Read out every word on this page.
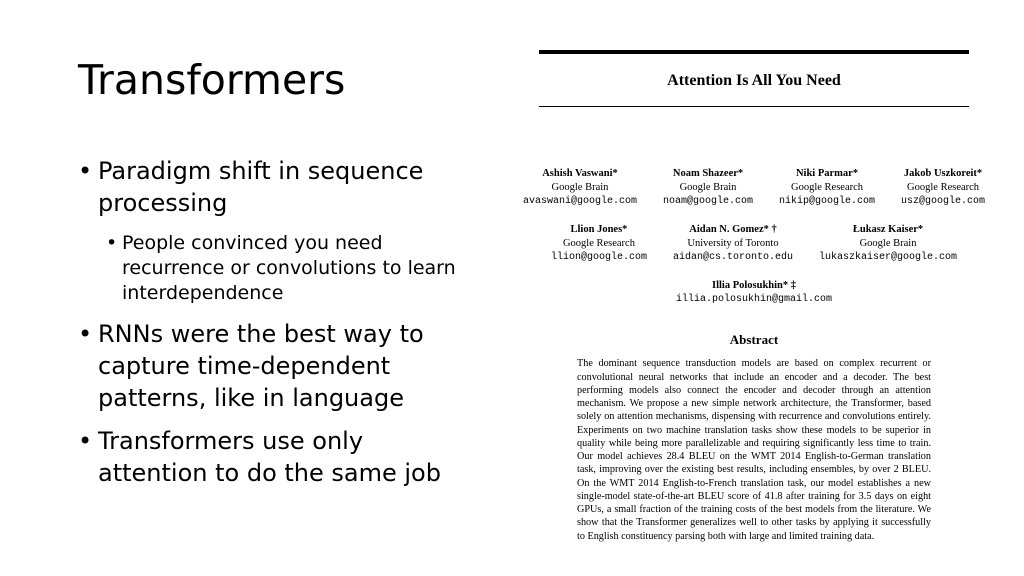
Transformers
• Paradigm shift in sequence processing
• People convinced you need recurrence or convolutions to learn interdependence
• RNNs were the best way to capture time-dependent patterns, like in language
• Transformers use only attention to do the same job
Attention Is All You Need
Ashish Vaswani*
Google Brain
avaswani@google.com
Noam Shazeer*
Google Brain
noam@google.com
Niki Parmar*
Google Research
nikip@google.com
Jakob Uszkoreit*
Google Research
usz@google.com
Llion Jones*
Google Research
llion@google.com
Aidan N. Gomez* †
University of Toronto
aidan@cs.toronto.edu
Łukasz Kaiser*
Google Brain
lukaszkaiser@google.com
Illia Polosukhin* ‡
illia.polosukhin@gmail.com
Abstract
The dominant sequence transduction models are based on complex recurrent or convolutional neural networks that include an encoder and a decoder. The best performing models also connect the encoder and decoder through an attention mechanism. We propose a new simple network architecture, the Transformer, based solely on attention mechanisms, dispensing with recurrence and convolutions entirely. Experiments on two machine translation tasks show these models to be superior in quality while being more parallelizable and requiring significantly less time to train. Our model achieves 28.4 BLEU on the WMT 2014 English-to-German translation task, improving over the existing best results, including ensembles, by over 2 BLEU. On the WMT 2014 English-to-French translation task, our model establishes a new single-model state-of-the-art BLEU score of 41.8 after training for 3.5 days on eight GPUs, a small fraction of the training costs of the best models from the literature. We show that the Transformer generalizes well to other tasks by applying it successfully to English constituency parsing both with large and limited training data.
